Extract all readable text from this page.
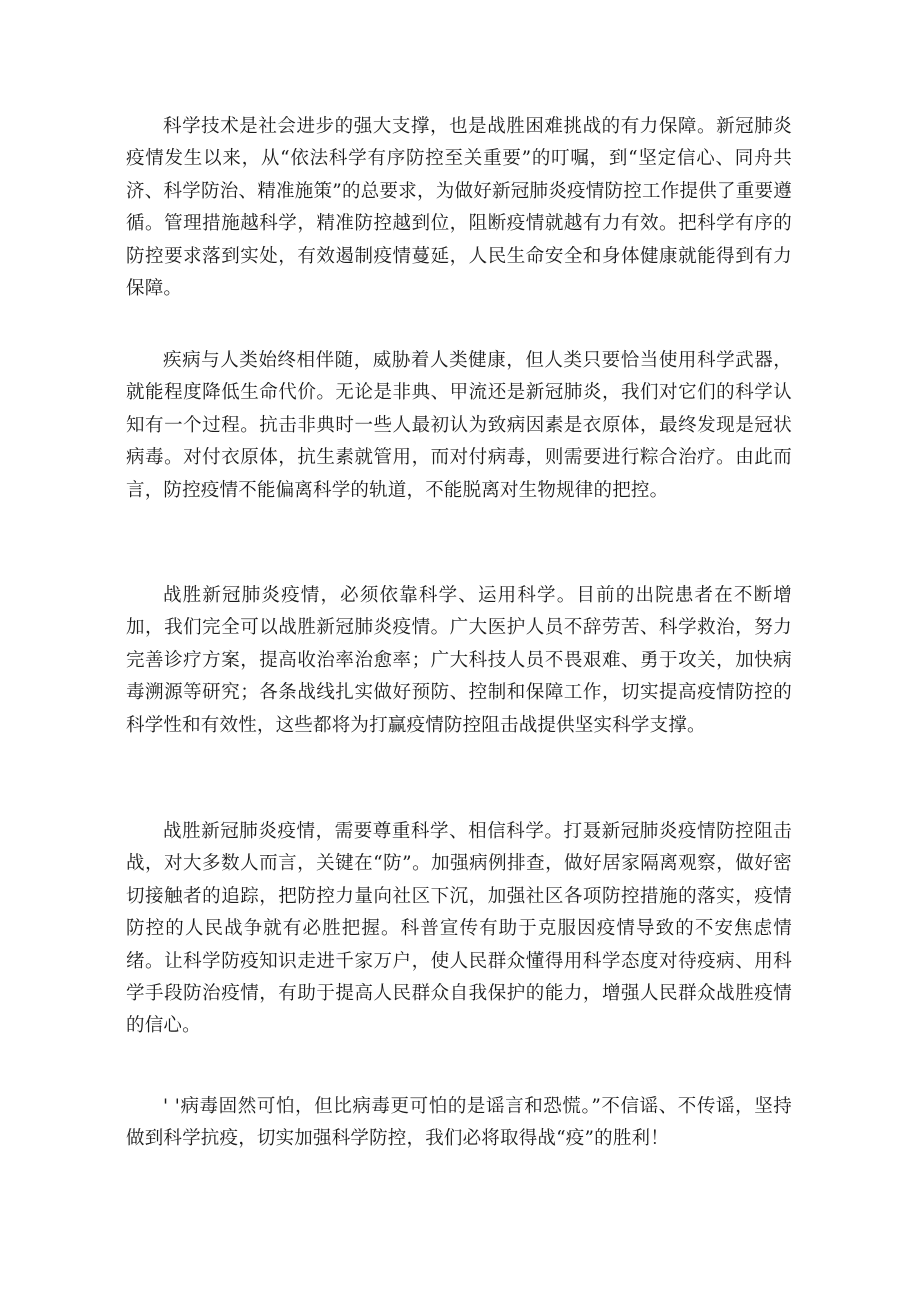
科学技术是社会进步的强大支撑，也是战胜困难挑战的有力保障。新冠肺炎疫情发生以来，从“依法科学有序防控至关重要”的叮嘱，到“坚定信心、同舟共济、科学防治、精准施策”的总要求，为做好新冠肺炎疫情防控工作提供了重要遵循。管理措施越科学，精准防控越到位，阻断疫情就越有力有效。把科学有序的防控要求落到实处，有效遏制疫情蔓延，人民生命安全和身体健康就能得到有力保障。

疾病与人类始终相伴随，威胁着人类健康，但人类只要恰当使用科学武器，就能程度降低生命代价。无论是非典、甲流还是新冠肺炎，我们对它们的科学认知有一个过程。抗击非典时一些人最初认为致病因素是衣原体，最终发现是冠状病毒。对付衣原体，抗生素就管用，而对付病毒，则需要进行粽合治疗。由此而言，防控疫情不能偏离科学的轨道，不能脱离对生物规律的把控。

战胜新冠肺炎疫情，必须依靠科学、运用科学。目前的出院患者在不断增加，我们完全可以战胜新冠肺炎疫情。广大医护人员不辞劳苦、科学救治，努力完善诊疗方案，提高收治率治愈率；广大科技人员不畏艰难、勇于攻关，加快病毒溯源等研究；各条战线扎实做好预防、控制和保障工作，切实提高疫情防控的科学性和有效性，这些都将为打赢疫情防控阻击战提供坚实科学支撑。

战胜新冠肺炎疫情，需要尊重科学、相信科学。打聂新冠肺炎疫情防控阻击战，对大多数人而言，关键在“防”。加强病例排查，做好居家隔离观察，做好密切接触者的追踪，把防控力量向社区下沉，加强社区各项防控措施的落实，疫情防控的人民战争就有必胜把握。科普宣传有助于克服因疫情导致的不安焦虑情绪。让科学防疫知识走进千家万户，使人民群众懂得用科学态度对待疫病、用科学手段防治疫情，有助于提高人民群众自我保护的能力，增强人民群众战胜疫情的信心。

' '病毒固然可怕，但比病毒更可怕的是谣言和恐慌。”不信谣、不传谣，坚持做到科学抗疫，切实加强科学防控，我们必将取得战“疫”的胜利！
